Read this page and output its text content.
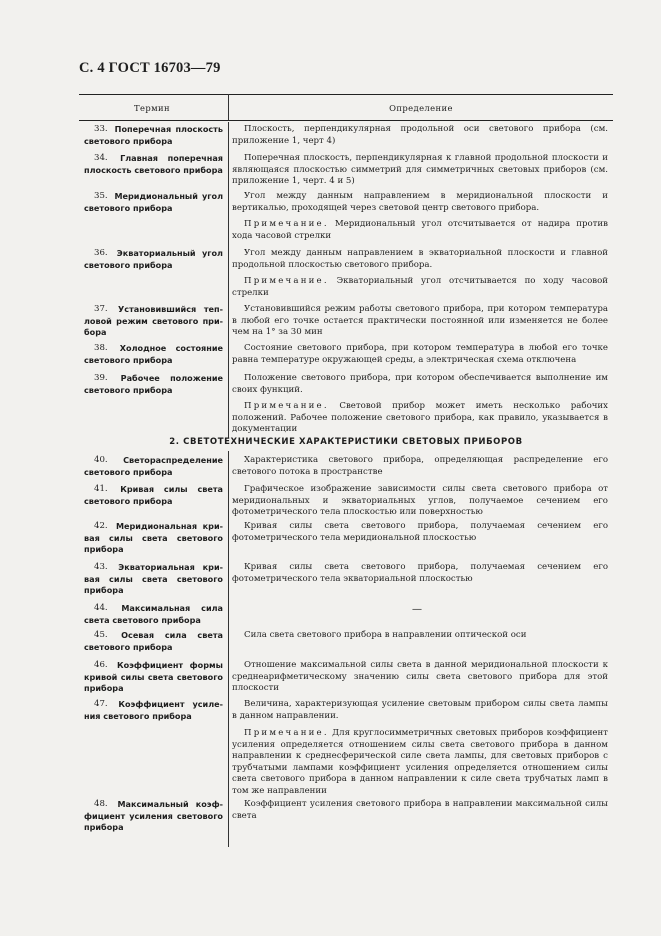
С. 4 ГОСТ 16703—79
Термин	Определение
2. СВЕТОТЕХНИЧЕСКИЕ ХАРАКТЕРИСТИКИ СВЕТОВЫХ ПРИБОРОВ
33. Поперечная плоскость
светового прибора
Плоскость, перпендикулярная продольной оси светового прибора (см. приложение 1, черт 4)
34. Главная поперечная
плоскость светового прибора
Поперечная плоскость, перпендикулярная к главной продольной плоскости и являющаяся плоскостью симметрий для симметричных световых приборов (см. приложение 1, черт. 4 и 5)
35. Меридиональный угол
светового прибора
Угол между данным направлением в меридиональной плоскости и вертикалью, проходящей через световой центр светового прибора.
Примечание. Меридиональный угол отсчитывается от надира против хода часовой стрелки
36. Экваториальный угол
светового прибора
Угол между данным направлением в экваториальной плоскости и главной продольной плоскостью светового прибора.
Примечание. Экваториальный угол отсчитывается по ходу часовой стрелки
37. Установившийся теп-
ловой режим светового при-
бора
Установившийся режим работы светового прибора, при котором температура в любой его точке остается практически постоянной или изменяется не более чем на 1° за 30 мин
38. Холодное состояние
светового прибора
Состояние светового прибора, при котором температура в любой его точке равна температуре окружающей среды, а электрическая схема отключена
39. Рабочее положение
светового прибора
Положение светового прибора, при котором обеспечивается выполнение им своих функций.
Примечание. Световой прибор может иметь несколько рабочих положений. Рабочее положение светового прибора, как правило, указывается в документации
40. Светораспределение
светового прибора
Характеристика светового прибора, определяющая распределение его светового потока в пространстве
41. Кривая силы света
светового прибора
Графическое изображение зависимости силы света светового прибора от меридиональных и экваториальных углов, получаемое сечением его фотометрического тела плоскостью или поверхностью
42. Меридиональная кри-
вая силы света светового
прибора
Кривая силы света светового прибора, получаемая сечением его фотометрического тела меридиональной плоскостью
43. Экваториальная кри-
вая силы света светового
прибора
Кривая силы света светового прибора, получаемая сечением его фотометрического тела экваториальной плоскостью
44. Максимальная сила
света светового прибора
—
45. Осевая сила света
светового прибора
Сила света светового прибора в направлении оптической оси
46. Коэффициент формы
кривой силы света светового
прибора
Отношение максимальной силы света в данной меридиональной плоскости к среднеарифметическому значению силы света светового прибора для этой плоскости
47. Коэффициент усиле-
ния светового прибора
Величина, характеризующая усиление световым прибором силы света лампы в данном направлении.
Примечание. Для круглосимметричных световых приборов коэффициент усиления определяется отношением силы света светового прибора в данном направлении к среднесферической силе света лампы, для световых приборов с трубчатыми лампами коэффициент усиления определяется отношением силы света светового прибора в данном направлении к силе света трубчатых ламп в том же направлении
48. Максимальный коэф-
фициент усиления светового
прибора
Коэффициент усиления светового прибора в направлении максимальной силы света
